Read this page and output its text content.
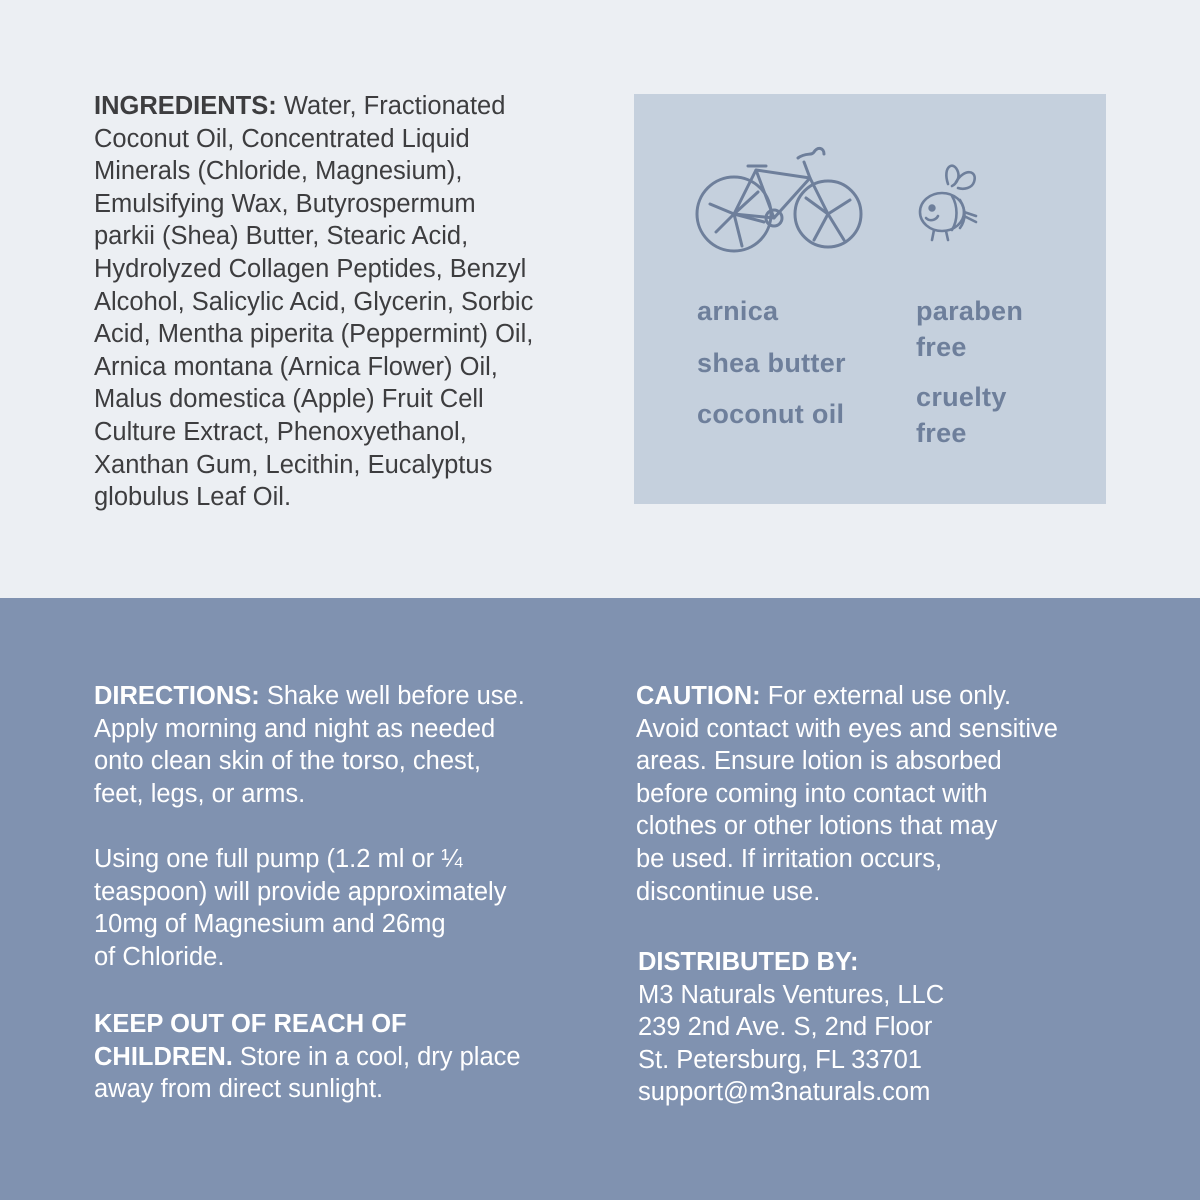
INGREDIENTS: Water, Fractionated
Coconut Oil, Concentrated Liquid
Minerals (Chloride, Magnesium),
Emulsifying Wax, Butyrospermum
parkii (Shea) Butter, Stearic Acid,
Hydrolyzed Collagen Peptides, Benzyl
Alcohol, Salicylic Acid, Glycerin, Sorbic
Acid, Mentha piperita (Peppermint) Oil,
Arnica montana (Arnica Flower) Oil,
Malus domestica (Apple) Fruit Cell
Culture Extract, Phenoxyethanol,
Xanthan Gum, Lecithin, Eucalyptus
globulus Leaf Oil.
arnica
shea butter
coconut oil
paraben
free
cruelty
free
DIRECTIONS: Shake well before use.
Apply morning and night as needed
onto clean skin of the torso, chest,
feet, legs, or arms.
Using one full pump (1.2 ml or ¼
teaspoon) will provide approximately
10mg of Magnesium and 26mg
of Chloride.
KEEP OUT OF REACH OF
CHILDREN. Store in a cool, dry place
away from direct sunlight.
CAUTION: For external use only.
Avoid contact with eyes and sensitive
areas. Ensure lotion is absorbed
before coming into contact with
clothes or other lotions that may
be used. If irritation occurs,
discontinue use.
DISTRIBUTED BY:
M3 Naturals Ventures, LLC
239 2nd Ave. S, 2nd Floor
St. Petersburg, FL 33701
support@m3naturals.com
